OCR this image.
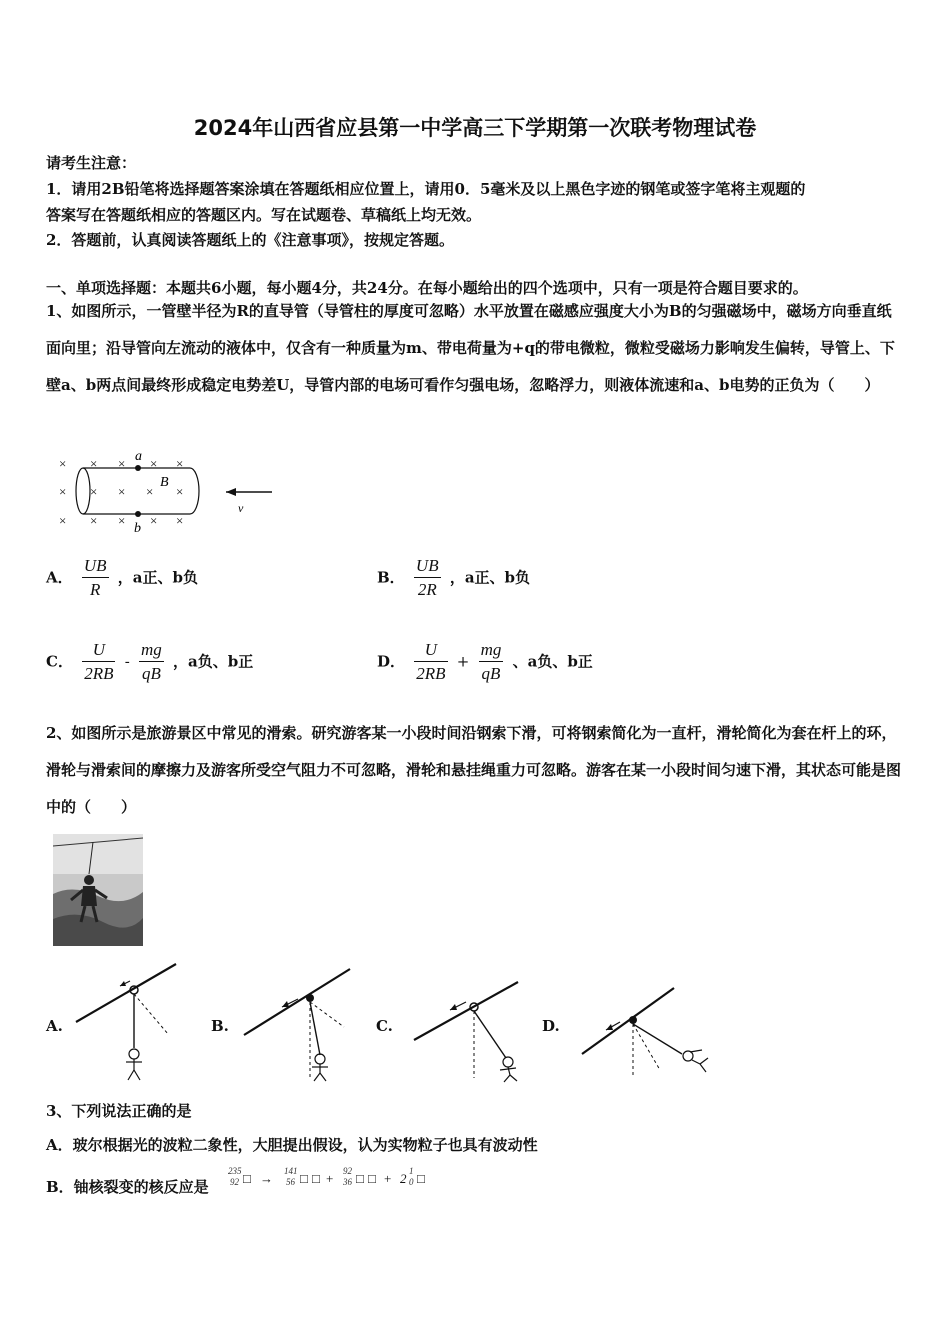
2024年山西省应县第一中学高三下学期第一次联考物理试卷
请考生注意：
1．请用2B铅笔将选择题答案涂填在答题纸相应位置上，请用0．5毫米及以上黑色字迹的钢笔或签字笔将主观题的
答案写在答题纸相应的答题区内。写在试题卷、草稿纸上均无效。
2．答题前，认真阅读答题纸上的《注意事项》，按规定答题。
一、单项选择题：本题共6小题，每小题4分，共24分。在每小题给出的四个选项中，只有一项是符合题目要求的。
1、如图所示，一管壁半径为R的直导管（导管柱的厚度可忽略）水平放置在磁感应强度大小为B的匀强磁场中，磁场方向垂直纸面向里；沿导管向左流动的液体中，仅含有一种质量为m、带电荷量为+q的带电微粒，微粒受磁场力影响发生偏转，导管上、下壁a、b两点间最终形成稳定电势差U，导管内部的电场可看作匀强电场，忽略浮力，则液体流速和a、b电势的正负为（　　）
× × × × ×
× × × × ×
× × × × ×
a
b
B
v
A． $\frac{UB}{R}$ ，a正、b负	B． $\frac{UB}{2R}$ ，a正、b负
C． $\frac{U}{2RB} - \frac{mg}{qB}$ ，a负、b正	D． $\frac{U}{2RB} + \frac{mg}{qB}$ 、a负、b正
2、如图所示是旅游景区中常见的滑索。研究游客某一小段时间沿钢索下滑，可将钢索简化为一直杆，滑轮简化为套在杆上的环，滑轮与滑索间的摩擦力及游客所受空气阻力不可忽略，滑轮和悬挂绳重力可忽略。游客在某一小段时间匀速下滑，其状态可能是图中的（　　）
A.	B.	C.	D.
3、下列说法正确的是
A．玻尔根据光的波粒二象性，大胆提出假设，认为实物粒子也具有波动性
B．铀核裂变的核反应是
235
92
141
56
92
36
1
0
□ → □ □ + □ □ + 2 □
